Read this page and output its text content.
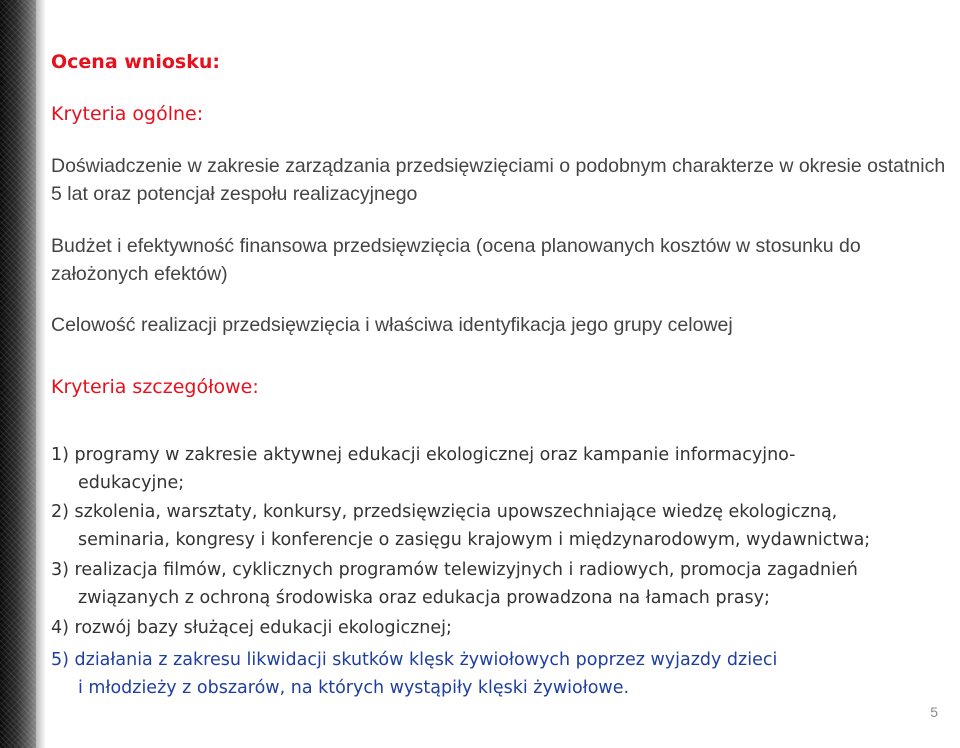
Ocena wniosku:
Kryteria ogólne:
Doświadczenie w zakresie zarządzania przedsięwzięciami o podobnym charakterze w okresie ostatnich 5 lat oraz potencjał zespołu realizacyjnego
Budżet i efektywność finansowa przedsięwzięcia (ocena planowanych kosztów w stosunku do założonych efektów)
Celowość realizacji przedsięwzięcia i właściwa identyfikacja jego grupy celowej
Kryteria szczegółowe:
1) programy w zakresie aktywnej edukacji ekologicznej oraz kampanie informacyjno-
edukacyjne;
2) szkolenia, warsztaty, konkursy, przedsięwzięcia upowszechniające wiedzę ekologiczną,
seminaria, kongresy i konferencje o zasięgu krajowym i międzynarodowym, wydawnictwa;
3) realizacja filmów, cyklicznych programów telewizyjnych i radiowych, promocja zagadnień
związanych z ochroną środowiska oraz edukacja prowadzona na łamach prasy;
4) rozwój bazy służącej edukacji ekologicznej;
5) działania z zakresu likwidacji skutków klęsk żywiołowych poprzez wyjazdy dzieci
i młodzieży z obszarów, na których wystąpiły klęski żywiołowe.
5
